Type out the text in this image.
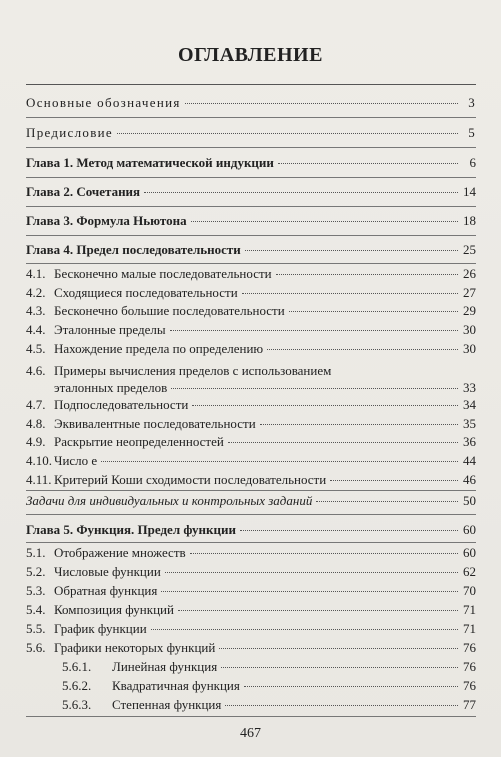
ОГЛАВЛЕНИЕ
Основные обозначения	3
Предисловие	5
Глава 1. Метод математической индукции	6
Глава 2. Сочетания	14
Глава 3. Формула Ньютона	18
Глава 4. Предел последовательности	25
4.1. Бесконечно малые последовательности	26
4.2. Сходящиеся последовательности	27
4.3. Бесконечно большие последовательности	29
4.4. Эталонные пределы	30
4.5. Нахождение предела по определению	30
4.6. Примеры вычисления пределов с использованием
эталонных пределов	33
4.7. Подпоследовательности	34
4.8. Эквивалентные последовательности	35
4.9. Раскрытие неопределенностей	36
4.10. Число e	44
4.11. Критерий Коши сходимости последовательности	46
Задачи для индивидуальных и контрольных заданий	50
Глава 5. Функция. Предел функции	60
5.1. Отображение множеств	60
5.2. Числовые функции	62
5.3. Обратная функция	70
5.4. Композиция функций	71
5.5. График функции	71
5.6. Графики некоторых функций	76
5.6.1.	Линейная функция	76
5.6.2.	Квадратичная функция	76
5.6.3.	Степенная функция	77
467
